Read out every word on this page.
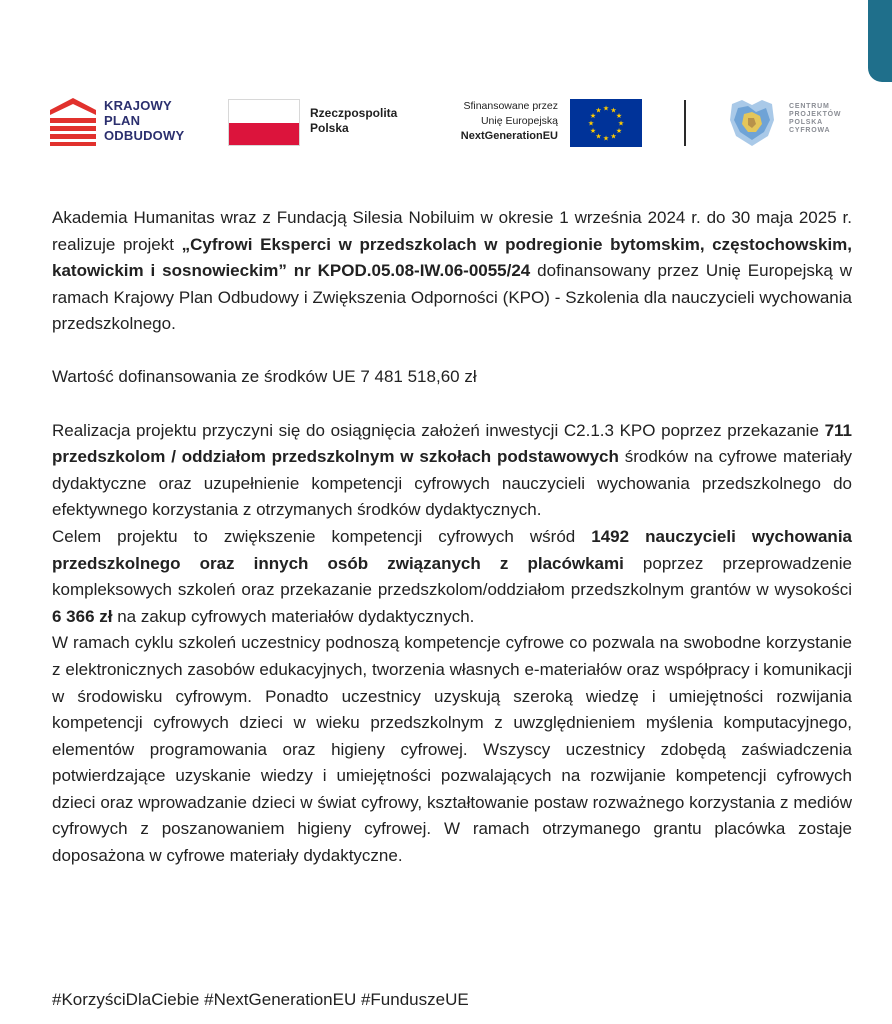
KRAJOWY
PLAN
ODBUDOWY

Rzeczpospolita
Polska
Sfinansowane przez
Unię Europejską
NextGenerationEU
★
★
★
★
★
★
★
★
★ ★ ★
★
CENTRUM
PROJEKTÓW
POLSKA
CYFROWA

Akademia Humanitas wraz z Fundacją Silesia Nobiluim w okresie 1 września 2024 r. do 30 maja 2025 r. realizuje projekt „Cyfrowi Eksperci w przedszkolach w podregionie bytomskim, częstochowskim, katowickim i sosnowieckim” nr KPOD.05.08-IW.06-0055/24 dofinansowany przez Unię Europejską w ramach Krajowy Plan Odbudowy i Zwiększenia Odporności (KPO) - Szkolenia dla nauczycieli wychowania przedszkolnego.

Wartość dofinansowania ze środków UE 7 481 518,60 zł

Realizacja projektu przyczyni się do osiągnięcia założeń inwestycji C2.1.3 KPO poprzez przekazanie 711 przedszkolom / oddziałom przedszkolnym w szkołach podstawowych środków na cyfrowe materiały dydaktyczne oraz uzupełnienie kompetencji cyfrowych nauczycieli wychowania przedszkolnego do efektywnego korzystania z otrzymanych środków dydaktycznych.

Celem projektu to zwiększenie kompetencji cyfrowych wśród 1492 nauczycieli wychowania przedszkolnego oraz innych osób związanych z placówkami poprzez przeprowadzenie kompleksowych szkoleń oraz przekazanie przedszkolom/oddziałom przedszkolnym grantów w wysokości 6 366 zł na zakup cyfrowych materiałów dydaktycznych.

W ramach cyklu szkoleń uczestnicy podnoszą kompetencje cyfrowe co pozwala na swobodne korzystanie z elektronicznych zasobów edukacyjnych, tworzenia własnych e-materiałów oraz współpracy i komunikacji w środowisku cyfrowym. Ponadto uczestnicy uzyskują szeroką wiedzę i umiejętności rozwijania kompetencji cyfrowych dzieci w wieku przedszkolnym z uwzględnieniem myślenia komputacyjnego, elementów programowania oraz higieny cyfrowej. Wszyscy uczestnicy zdobędą zaświadczenia potwierdzające uzyskanie wiedzy i umiejętności pozwalających na rozwijanie kompetencji cyfrowych dzieci oraz wprowadzanie dzieci w świat cyfrowy, kształtowanie postaw rozważnego korzystania z mediów cyfrowych z poszanowaniem higieny cyfrowej. W ramach otrzymanego grantu placówka zostaje doposażona w cyfrowe materiały dydaktyczne.

#KorzyściDlaCiebie #NextGenerationEU #FunduszeUE
